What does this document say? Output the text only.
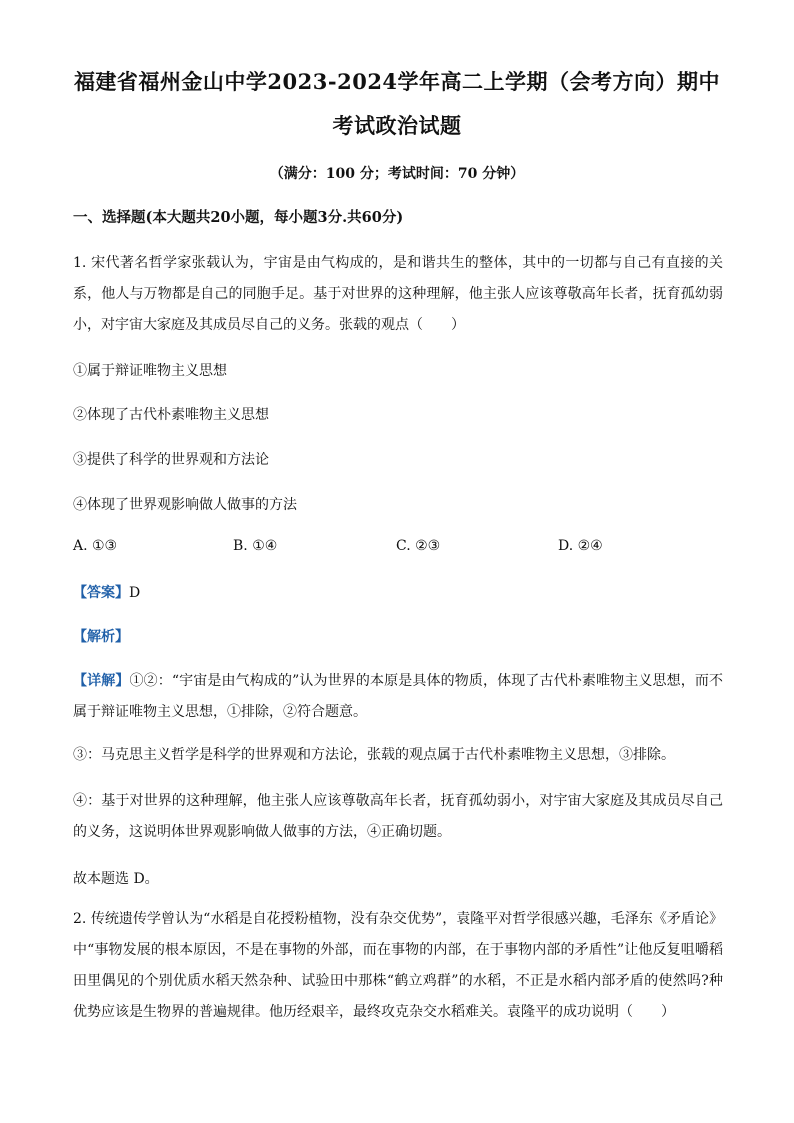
福建省福州金山中学2023-2024学年高二上学期（会考方向）期中
考试政治试题
（满分：100 分；考试时间：70 分钟）
一、选择题(本大题共20小题，每小题3分.共60分)
1. 宋代著名哲学家张载认为，宇宙是由气构成的，是和谐共生的整体，其中的一切都与自己有直接的关系，他人与万物都是自己的同胞手足。基于对世界的这种理解，他主张人应该尊敬高年长者，抚育孤幼弱小，对宇宙大家庭及其成员尽自己的义务。张载的观点（　　）
①属于辩证唯物主义思想
②体现了古代朴素唯物主义思想
③提供了科学的世界观和方法论
④体现了世界观影响做人做事的方法
A. ①③	B. ①④	C. ②③	D. ②④
【答案】D
【解析】
【详解】①②：“宇宙是由气构成的”认为世界的本原是具体的物质，体现了古代朴素唯物主义思想，而不属于辩证唯物主义思想，①排除，②符合题意。
③：马克思主义哲学是科学的世界观和方法论，张载的观点属于古代朴素唯物主义思想，③排除。
④：基于对世界的这种理解，他主张人应该尊敬高年长者，抚育孤幼弱小，对宇宙大家庭及其成员尽自己的义务，这说明体世界观影响做人做事的方法，④正确切题。
故本题选 D。
2. 传统遗传学曾认为“水稻是自花授粉植物，没有杂交优势”，袁隆平对哲学很感兴趣，毛泽东《矛盾论》中“事物发展的根本原因，不是在事物的外部，而在事物的内部，在于事物内部的矛盾性”让他反复咀嚼稻田里偶见的个别优质水稻天然杂种、试验田中那株“鹤立鸡群”的水稻，不正是水稻内部矛盾的使然吗?种优势应该是生物界的普遍规律。他历经艰辛，最终攻克杂交水稻难关。袁隆平的成功说明（　　）
